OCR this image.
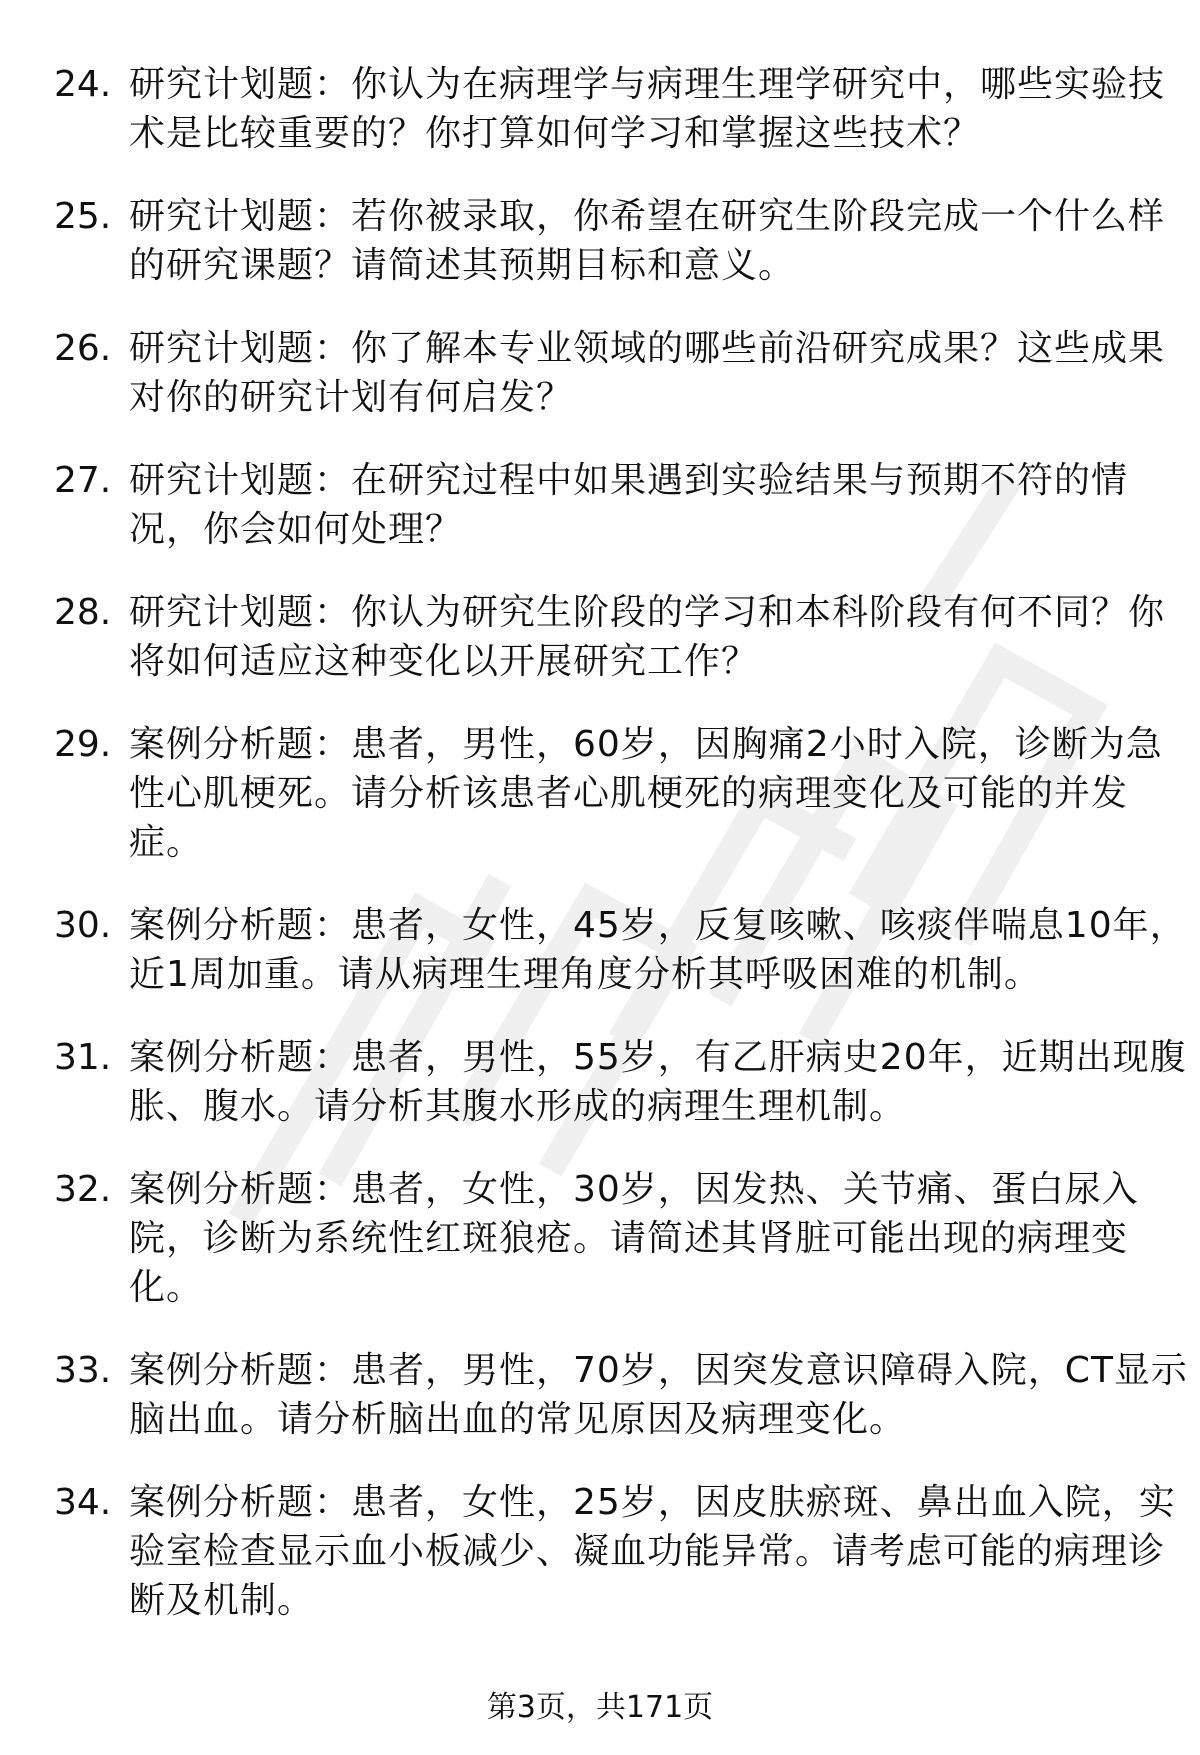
24. 研究计划题：你认为在病理学与病理生理学研究中，哪些实验技
术是比较重要的？你打算如何学习和掌握这些技术？
25. 研究计划题：若你被录取，你希望在研究生阶段完成一个什么样
的研究课题？请简述其预期目标和意义。
26. 研究计划题：你了解本专业领域的哪些前沿研究成果？这些成果
对你的研究计划有何启发？
27. 研究计划题：在研究过程中如果遇到实验结果与预期不符的情
况，你会如何处理？
28. 研究计划题：你认为研究生阶段的学习和本科阶段有何不同？你
将如何适应这种变化以开展研究工作？
29. 案例分析题：患者，男性，60岁，因胸痛2小时入院，诊断为急
性心肌梗死。请分析该患者心肌梗死的病理变化及可能的并发
症。
30. 案例分析题：患者，女性，45岁，反复咳嗽、咳痰伴喘息10年，
近1周加重。请从病理生理角度分析其呼吸困难的机制。
31. 案例分析题：患者，男性，55岁，有乙肝病史20年，近期出现腹
胀、腹水。请分析其腹水形成的病理生理机制。
32. 案例分析题：患者，女性，30岁，因发热、关节痛、蛋白尿入
院，诊断为系统性红斑狼疮。请简述其肾脏可能出现的病理变
化。
33. 案例分析题：患者，男性，70岁，因突发意识障碍入院，CT显示
脑出血。请分析脑出血的常见原因及病理变化。
34. 案例分析题：患者，女性，25岁，因皮肤瘀斑、鼻出血入院，实
验室检查显示血小板减少、凝血功能异常。请考虑可能的病理诊
断及机制。
第3页，共171页
